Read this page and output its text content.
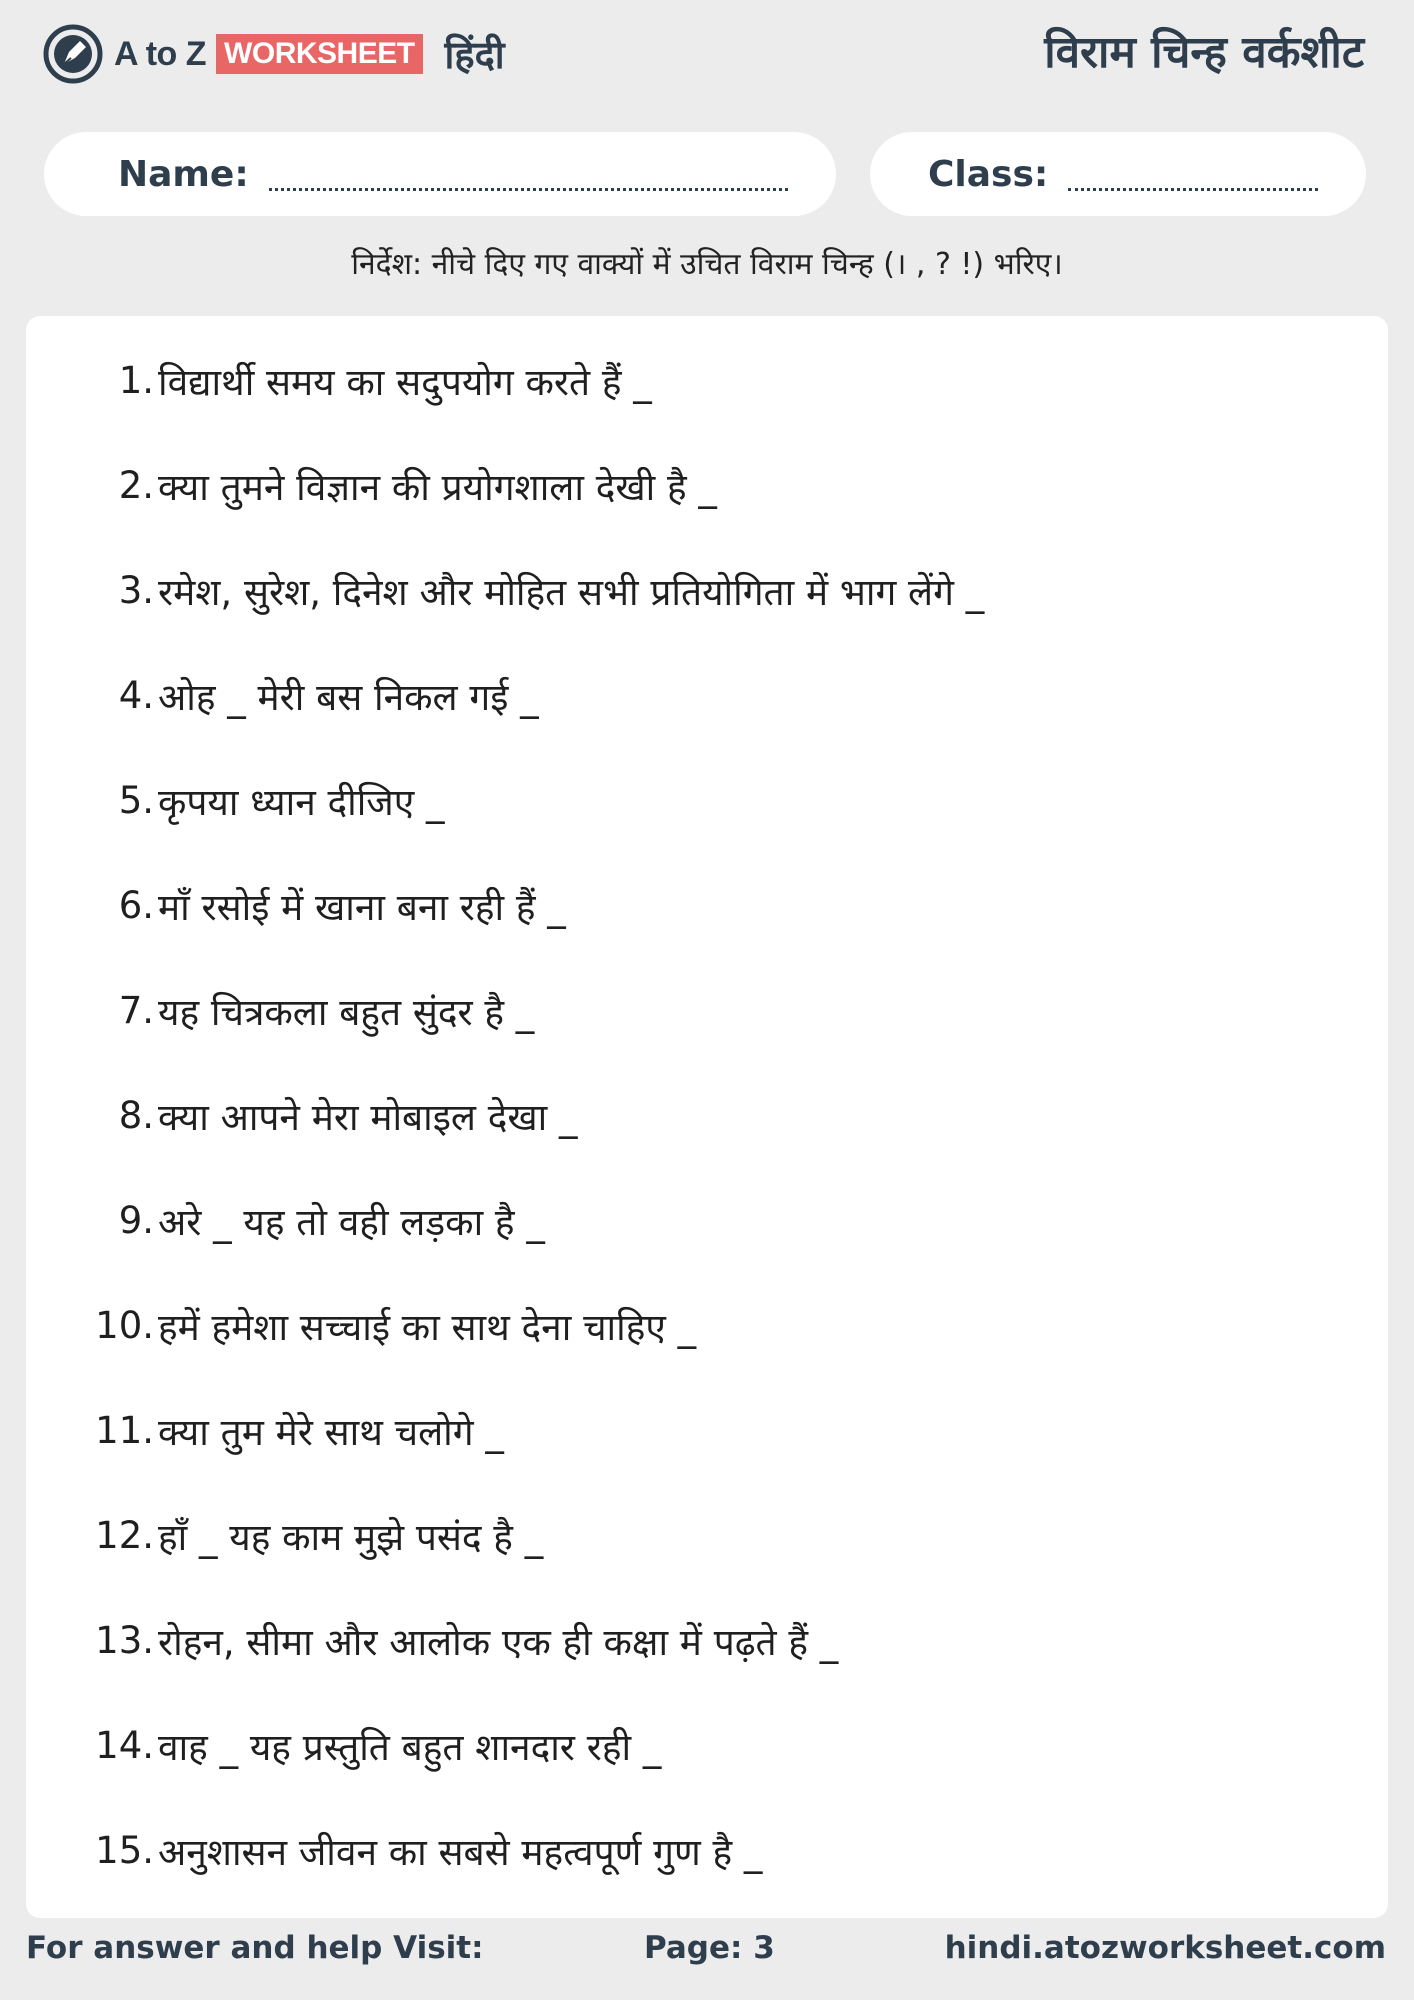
A to Z WORKSHEET हिंदी	विराम चिन्ह वर्कशीट
Name:	Class:
निर्देश: नीचे दिए गए वाक्यों में उचित विराम चिन्ह (। , ? !) भरिए।
1. विद्यार्थी समय का सदुपयोग करते हैं _
2. क्या तुमने विज्ञान की प्रयोगशाला देखी है _
3. रमेश, सुरेश, दिनेश और मोहित सभी प्रतियोगिता में भाग लेंगे _
4. ओह _ मेरी बस निकल गई _
5. कृपया ध्यान दीजिए _
6. माँ रसोई में खाना बना रही हैं _
7. यह चित्रकला बहुत सुंदर है _
8. क्या आपने मेरा मोबाइल देखा _
9. अरे _ यह तो वही लड़का है _
10. हमें हमेशा सच्चाई का साथ देना चाहिए _
11. क्या तुम मेरे साथ चलोगे _
12. हाँ _ यह काम मुझे पसंद है _
13. रोहन, सीमा और आलोक एक ही कक्षा में पढ़ते हैं _
14. वाह _ यह प्रस्तुति बहुत शानदार रही _
15. अनुशासन जीवन का सबसे महत्वपूर्ण गुण है _
For answer and help Visit:	Page: 3	hindi.atozworksheet.com
